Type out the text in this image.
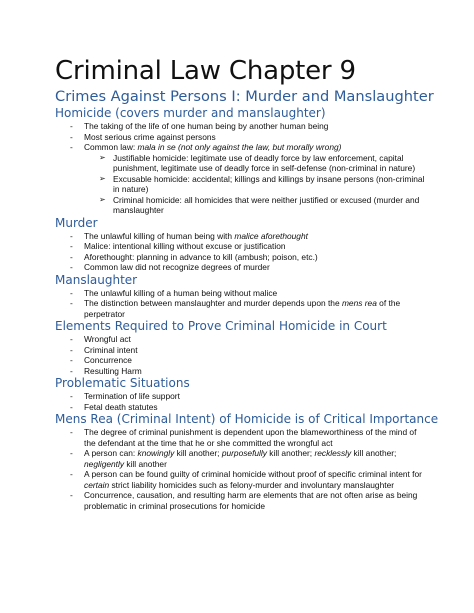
Criminal Law Chapter 9
Crimes Against Persons I: Murder and Manslaughter
Homicide (covers murder and manslaughter)
- The taking of the life of one human being by another human being
- Most serious crime against persons
- Common law: mala in se (not only against the law, but morally wrong)
➢ Justifiable homicide: legitimate use of deadly force by law enforcement, capital punishment, legitimate use of deadly force in self-defense (non-criminal in nature)
➢ Excusable homicide: accidental; killings and killings by insane persons (non-criminal in nature)
➢ Criminal homicide: all homicides that were neither justified or excused (murder and manslaughter
Murder
- The unlawful killing of human being with malice aforethought
- Malice: intentional killing without excuse or justification
- Aforethought: planning in advance to kill (ambush; poison, etc.)
- Common law did not recognize degrees of murder
Manslaughter
- The unlawful killing of a human being without malice
- The distinction between manslaughter and murder depends upon the mens rea of the perpetrator
Elements Required to Prove Criminal Homicide in Court
- Wrongful act
- Criminal intent
- Concurrence
- Resulting Harm
Problematic Situations
- Termination of life support
- Fetal death statutes
Mens Rea (Criminal Intent) of Homicide is of Critical Importance
- The degree of criminal punishment is dependent upon the blameworthiness of the mind of the defendant at the time that he or she committed the wrongful act
- A person can: knowingly kill another; purposefully kill another; recklessly kill another; negligently kill another
- A person can be found guilty of criminal homicide without proof of specific criminal intent for certain strict liability homicides such as felony-murder and involuntary manslaughter
- Concurrence, causation, and resulting harm are elements that are not often arise as being problematic in criminal prosecutions for homicide
